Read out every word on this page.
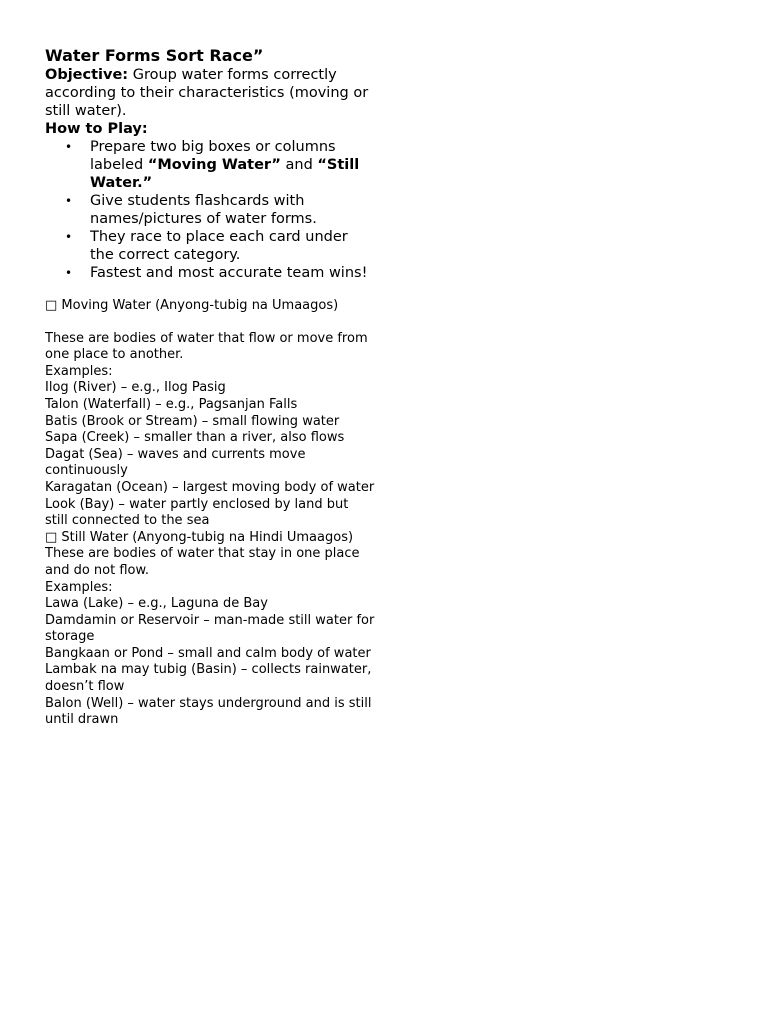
Water Forms Sort Race”

Objective: Group water forms correctly according to their characteristics (moving or still water).

How to Play:

• Prepare two big boxes or columns labeled “Moving Water” and “Still Water.”
• Give students flashcards with names/pictures of water forms.
• They race to place each card under the correct category.
• Fastest and most accurate team wins!

□ Moving Water (Anyong-tubig na Umaagos)

These are bodies of water that flow or move from one place to another.

Examples:

Ilog (River) – e.g., Ilog Pasig

Talon (Waterfall) – e.g., Pagsanjan Falls

Batis (Brook or Stream) – small flowing water

Sapa (Creek) – smaller than a river, also flows

Dagat (Sea) – waves and currents move continuously

Karagatan (Ocean) – largest moving body of water

Look (Bay) – water partly enclosed by land but still connected to the sea

□ Still Water (Anyong-tubig na Hindi Umaagos)

These are bodies of water that stay in one place and do not flow.

Examples:

Lawa (Lake) – e.g., Laguna de Bay

Damdamin or Reservoir – man-made still water for storage

Bangkaan or Pond – small and calm body of water

Lambak na may tubig (Basin) – collects rainwater, doesn’t flow

Balon (Well) – water stays underground and is still until drawn
